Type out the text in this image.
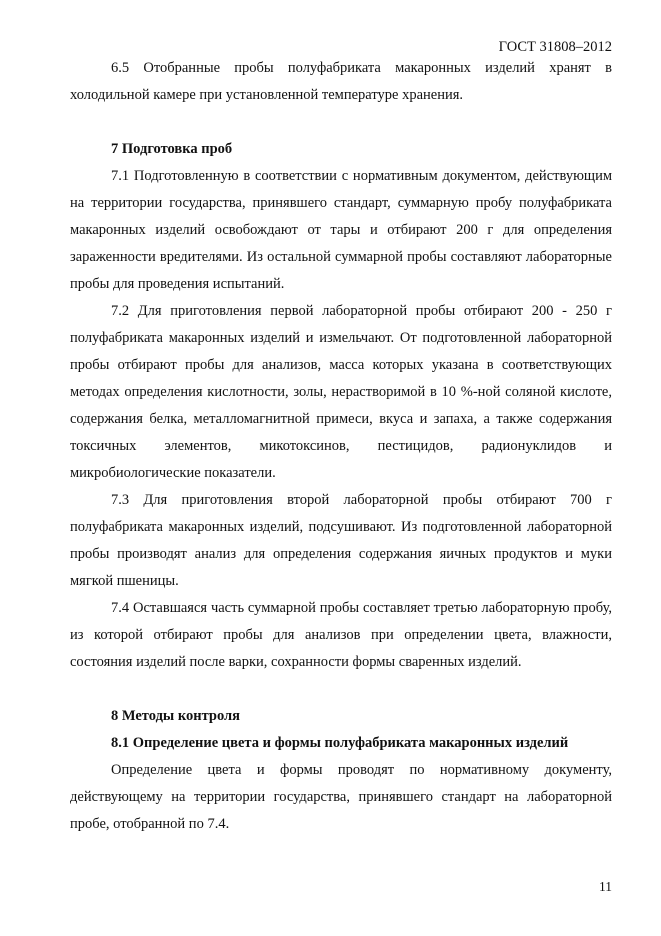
ГОСТ 31808–2012

6.5 Отобранные пробы полуфабриката макаронных изделий хранят в холодильной камере при установленной температуре хранения.

7 Подготовка проб

7.1 Подготовленную в соответствии с нормативным документом, действующим на территории государства, принявшего стандарт, суммарную пробу полуфабриката макаронных изделий освобождают от тары и отбирают 200 г для определения зараженности вредителями. Из остальной суммарной пробы составляют лабораторные пробы для проведения испытаний.

7.2 Для приготовления первой лабораторной пробы отбирают 200 - 250 г полуфабриката макаронных изделий и измельчают. От подготовленной лабораторной пробы отбирают пробы для анализов, масса которых указана в соответствующих методах определения кислотности, золы, нерастворимой в 10 %-ной соляной кислоте, содержания белка, металломагнитной примеси, вкуса и запаха, а также содержания токсичных элементов, микотоксинов, пестицидов, радионуклидов и микробиологические показатели.

7.3 Для приготовления второй лабораторной пробы отбирают 700 г полуфабриката макаронных изделий, подсушивают. Из подготовленной лабораторной пробы производят анализ для определения содержания яичных продуктов и муки мягкой пшеницы.

7.4 Оставшаяся часть суммарной пробы составляет третью лабораторную пробу, из которой отбирают пробы для анализов при определении цвета, влажности, состояния изделий после варки, сохранности формы сваренных изделий.

8 Методы контроля

8.1 Определение цвета и формы полуфабриката макаронных изделий

Определение цвета и формы проводят по нормативному документу, действующему на территории государства, принявшего стандарт на лабораторной пробе, отобранной по 7.4.

11
